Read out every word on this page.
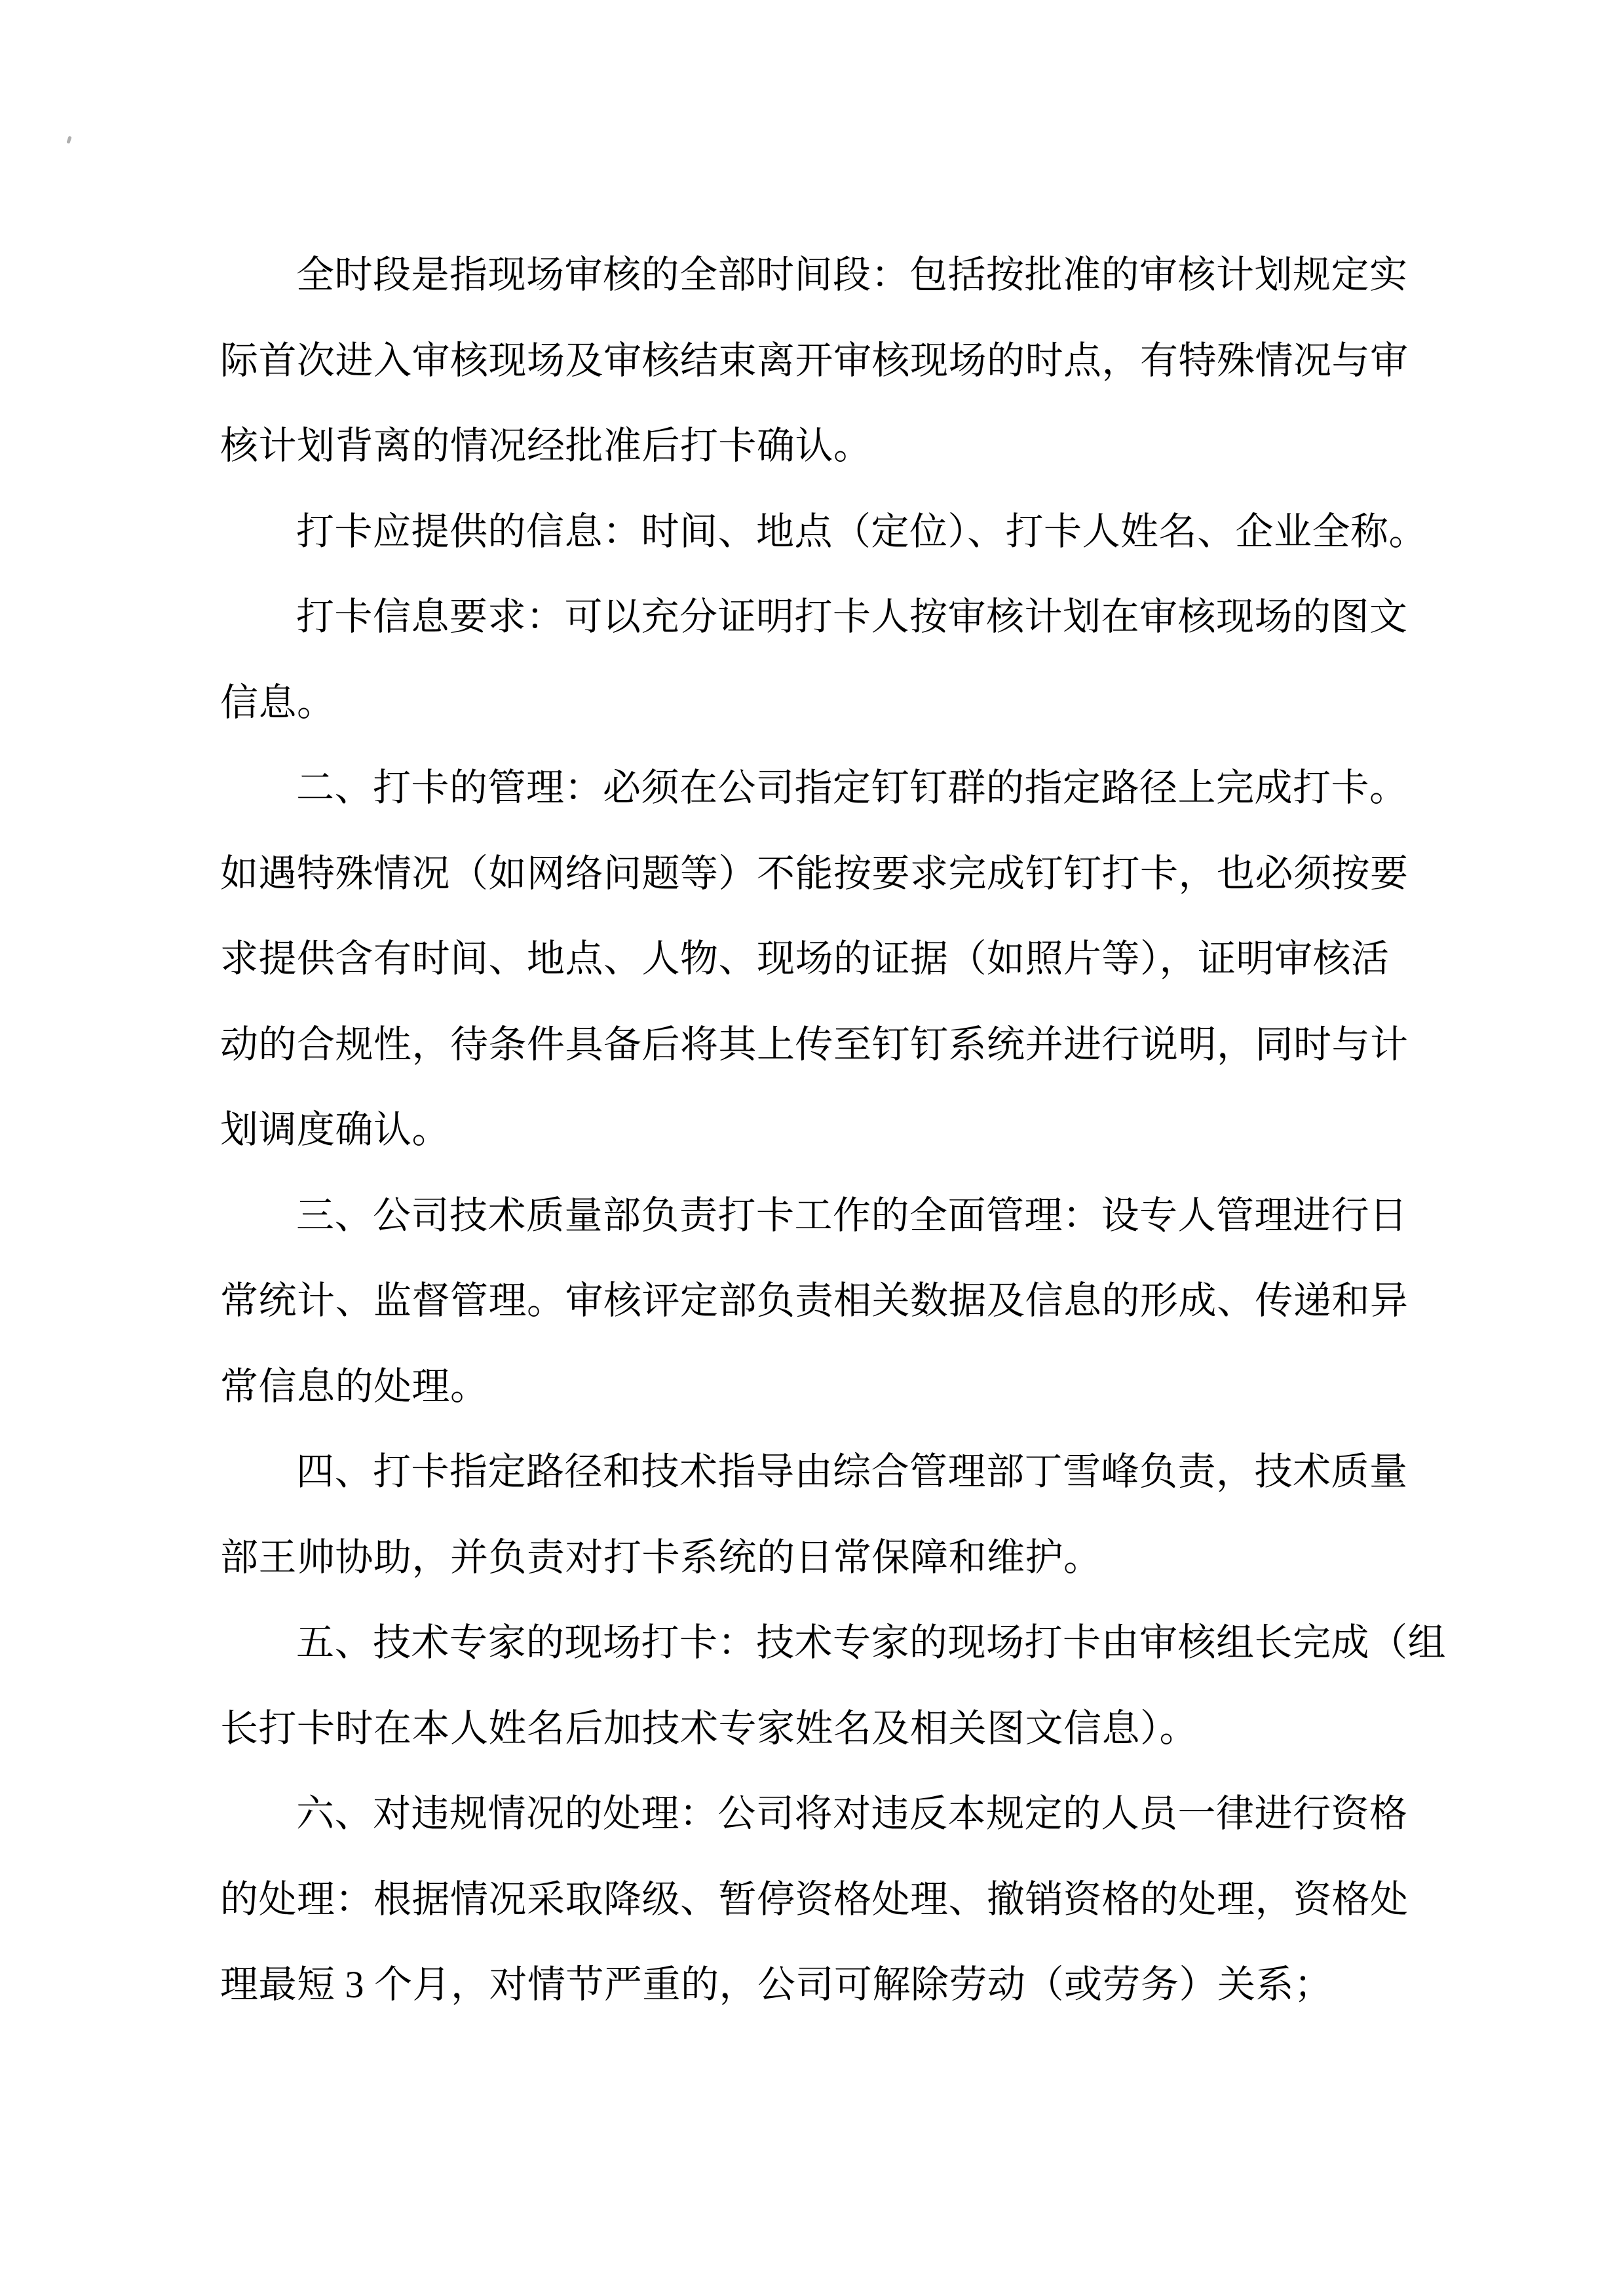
全时段是指现场审核的全部时间段：包括按批准的审核计划规定实
际首次进入审核现场及审核结束离开审核现场的时点，有特殊情况与审
核计划背离的情况经批准后打卡确认。
打卡应提供的信息：时间、地点（定位）、打卡人姓名、企业全称。
打卡信息要求：可以充分证明打卡人按审核计划在审核现场的图文
信息。
二、打卡的管理：必须在公司指定钉钉群的指定路径上完成打卡。
如遇特殊情况（如网络问题等）不能按要求完成钉钉打卡，也必须按要
求提供含有时间、地点、人物、现场的证据（如照片等），证明审核活
动的合规性，待条件具备后将其上传至钉钉系统并进行说明，同时与计
划调度确认。
三、公司技术质量部负责打卡工作的全面管理：设专人管理进行日
常统计、监督管理。审核评定部负责相关数据及信息的形成、传递和异
常信息的处理。
四、打卡指定路径和技术指导由综合管理部丁雪峰负责，技术质量
部王帅协助，并负责对打卡系统的日常保障和维护。
五、技术专家的现场打卡：技术专家的现场打卡由审核组长完成（组
长打卡时在本人姓名后加技术专家姓名及相关图文信息）。
六、对违规情况的处理：公司将对违反本规定的人员一律进行资格
的处理：根据情况采取降级、暂停资格处理、撤销资格的处理，资格处
理最短 3 个月，对情节严重的，公司可解除劳动（或劳务）关系；
